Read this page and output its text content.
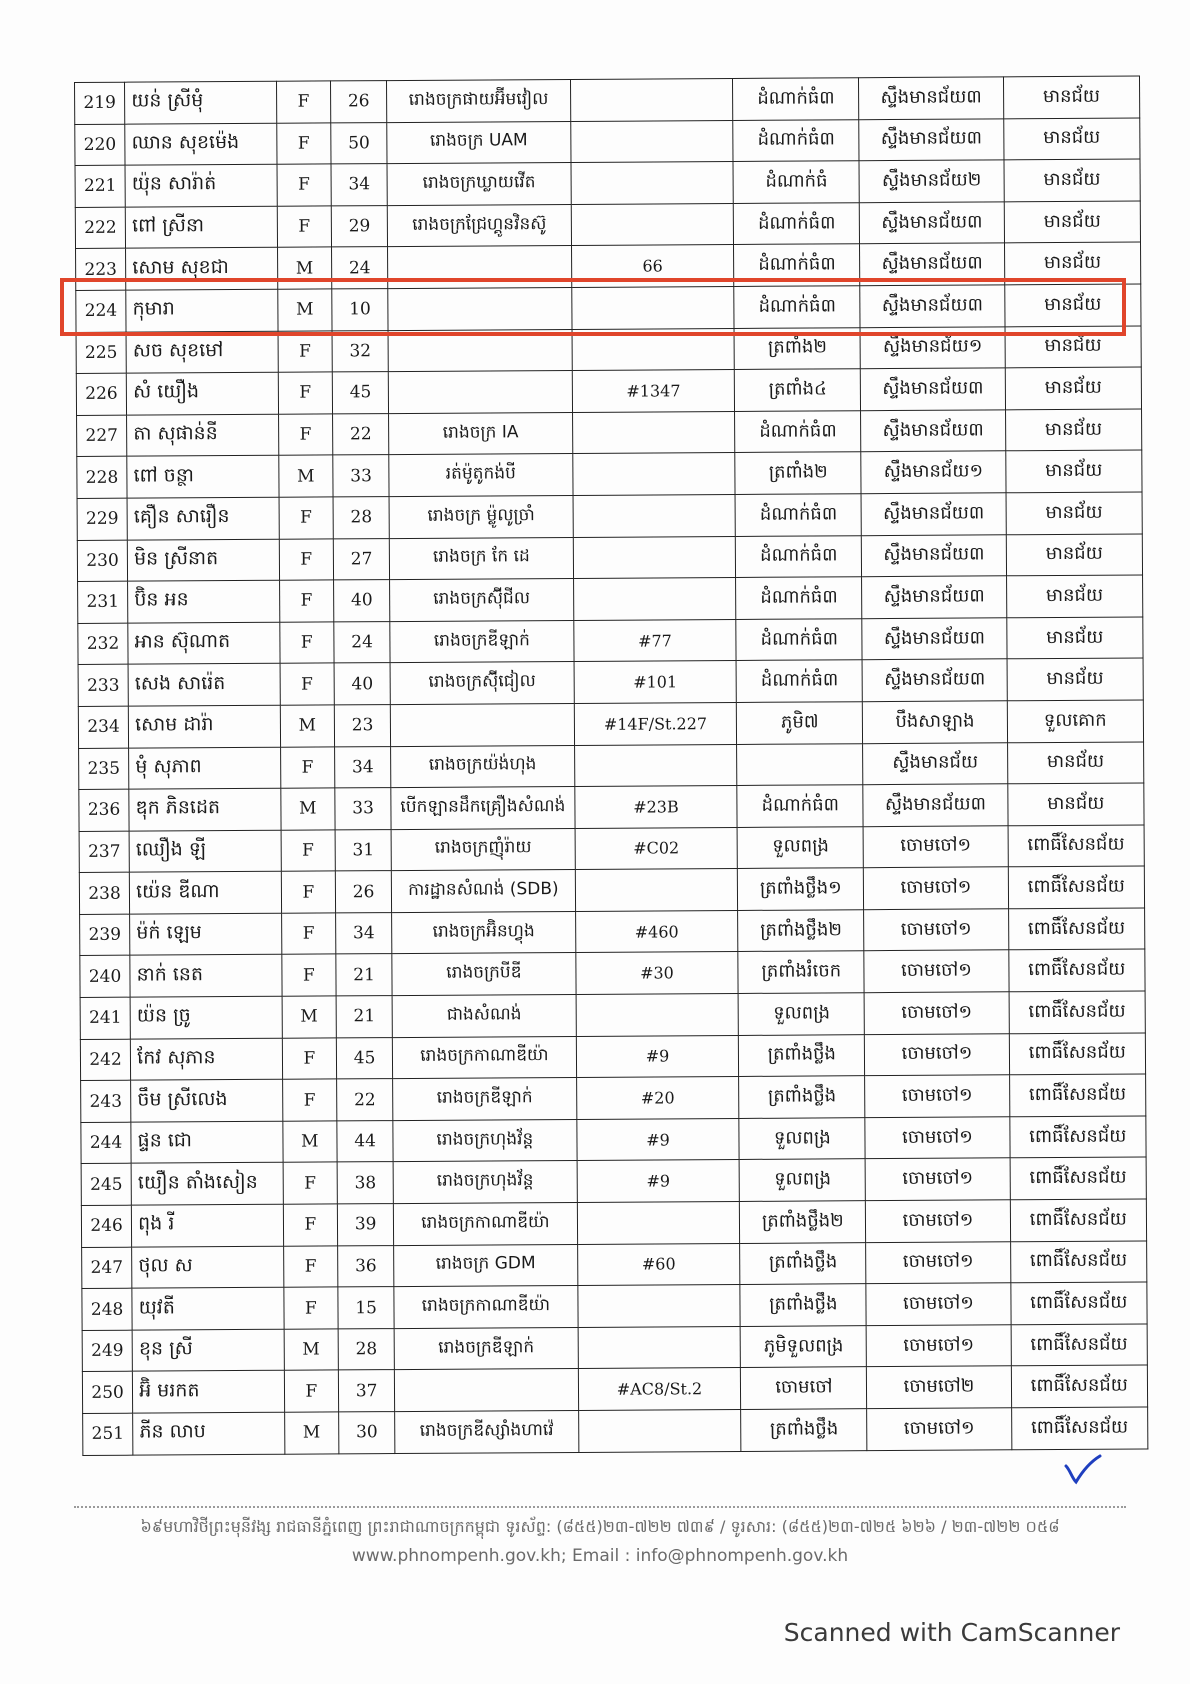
219	យន់ ស្រីមុំ	F	26	រោងចក្រផាយអ៊ីមវៀល		ដំណាក់ធំ៣	ស្ទឹងមានជ័យ៣	មានជ័យ
220	ឈាន សុខម៉េង	F	50	រោងចក្រ UAM		ដំណាក់ធំ៣	ស្ទឹងមានជ័យ៣	មានជ័យ
221	យ៉ុន សារ៉ាត់	F	34	រោងចក្រឃ្លាយវើត		ដំណាក់ធំ	ស្ទឹងមានជ័យ២	មានជ័យ
222	ពៅ ស្រីនា	F	29	រោងចក្រជ្រែហ្គូនវិនស៊ូ		ដំណាក់ធំ៣	ស្ទឹងមានជ័យ៣	មានជ័យ
223	សោម សុខជា	M	24		66	ដំណាក់ធំ៣	ស្ទឹងមានជ័យ៣	មានជ័យ
224	កុមារា	M	10			ដំណាក់ធំ៣	ស្ទឹងមានជ័យ៣	មានជ័យ
225	សច សុខមៅ	F	32			ត្រពាំង២	ស្ទឹងមានជ័យ១	មានជ័យ
226	សំ យឿង	F	45		#1347	ត្រពាំង៤	ស្ទឹងមានជ័យ៣	មានជ័យ
227	តា សុផាន់នី	F	22	រោងចក្រ IA		ដំណាក់ធំ៣	ស្ទឹងមានជ័យ៣	មានជ័យ
228	ពៅ ចន្ថា	M	33	រត់ម៉ូតូកង់បី		ត្រពាំង២	ស្ទឹងមានជ័យ១	មានជ័យ
229	គឿន សារឿន	F	28	រោងចក្រ ម៉្លូលូច្រាំ		ដំណាក់ធំ៣	ស្ទឹងមានជ័យ៣	មានជ័យ
230	មិន ស្រីនាត	F	27	រោងចក្រ កែ ដេ		ដំណាក់ធំ៣	ស្ទឹងមានជ័យ៣	មានជ័យ
231	ប៊ិន អន	F	40	រោងចក្រស៊ុីជីល		ដំណាក់ធំ៣	ស្ទឹងមានជ័យ៣	មានជ័យ
232	អាន ស៊ុណាត	F	24	រោងចក្រឌីឡាក់	#77	ដំណាក់ធំ៣	ស្ទឹងមានជ័យ៣	មានជ័យ
233	សេង សារ៉េត	F	40	រោងចក្រស៊ុីជៀល	#101	ដំណាក់ធំ៣	ស្ទឹងមានជ័យ៣	មានជ័យ
234	សោម ដារ៉ា	M	23		#14F/St.227	ភូមិ៧	បឹងសាឡាង	ទួលគោក
235	មុំ សុភាព	F	34	រោងចក្រយ៉ង់ហុង			ស្ទឹងមានជ័យ	មានជ័យ
236	ឌុក ភិនដេត	M	33	បើកឡានដឹកគ្រឿងសំណង់	#23B	ដំណាក់ធំ៣	ស្ទឹងមានជ័យ៣	មានជ័យ
237	ឈឿង ឡី	F	31	រោងចក្រញុំរ៉ាយ	#C02	ទួលពង្រ	ចោមចៅ១	ពោធិ៍សែនជ័យ
238	យ៉េន ឌីណា	F	26	ការដ្ឋានសំណង់ (SDB)		ត្រពាំងថ្លឹង១	ចោមចៅ១	ពោធិ៍សែនជ័យ
239	ម៉ក់ ឡេម	F	34	រោងចក្រអ៊ិនហ្វុង	#460	ត្រពាំងថ្លឹង២	ចោមចៅ១	ពោធិ៍សែនជ័យ
240	នាក់ នេត	F	21	រោងចក្របីឌី	#30	ត្រពាំងរំចេក	ចោមចៅ១	ពោធិ៍សែនជ័យ
241	យ៉ន ច្រូ	M	21	ជាងសំណង់		ទួលពង្រ	ចោមចៅ១	ពោធិ៍សែនជ័យ
242	កែវ សុភាន	F	45	រោងចក្រកាណាឌីយ៉ា	#9	ត្រពាំងថ្លឹង	ចោមចៅ១	ពោធិ៍សែនជ័យ
243	ចឹម ស្រីលេង	F	22	រោងចក្រឌីឡាក់	#20	ត្រពាំងថ្លឹង	ចោមចៅ១	ពោធិ៍សែនជ័យ
244	ផ្ទន ជោ	M	44	រោងចក្រហុងវ័ន្ត	#9	ទួលពង្រ	ចោមចៅ១	ពោធិ៍សែនជ័យ
245	យឿន តាំងសៀន	F	38	រោងចក្រហុងវ័ន្ត	#9	ទួលពង្រ	ចោមចៅ១	ពោធិ៍សែនជ័យ
246	ពុង រី	F	39	រោងចក្រកាណាឌីយ៉ា		ត្រពាំងថ្លឹង២	ចោមចៅ១	ពោធិ៍សែនជ័យ
247	ថុល ស	F	36	រោងចក្រ GDM	#60	ត្រពាំងថ្លឹង	ចោមចៅ១	ពោធិ៍សែនជ័យ
248	យុវតី	F	15	រោងចក្រកាណាឌីយ៉ា		ត្រពាំងថ្លឹង	ចោមចៅ១	ពោធិ៍សែនជ័យ
249	ខុន ស្រី	M	28	រោងចក្រឌីឡាក់		ភូមិទួលពង្រ	ចោមចៅ១	ពោធិ៍សែនជ័យ
250	អ៊ិ មរកត	F	37		#AC8/St.2	ចោមចៅ	ចោមចៅ២	ពោធិ៍សែនជ័យ
251	ភីន លាប	M	30	រោងចក្រឌីស្សាំងហាវ៉េ		ត្រពាំងថ្លឹង	ចោមចៅ១	ពោធិ៍សែនជ័យ
៦៩មហាវិថីព្រះមុនីវង្ស រាជធានីភ្នំពេញ ព្រះរាជាណាចក្រកម្ពុជា ទូរស័ព្ទ: (៨៥៥)២៣-៧២២ ៧៣៩ / ទូរសារ: (៨៥៥)២៣-៧២៥ ៦២៦ / ២៣-៧២២ ០៥៨
www.phnompenh.gov.kh; Email : info@phnompenh.gov.kh
Scanned with CamScanner
